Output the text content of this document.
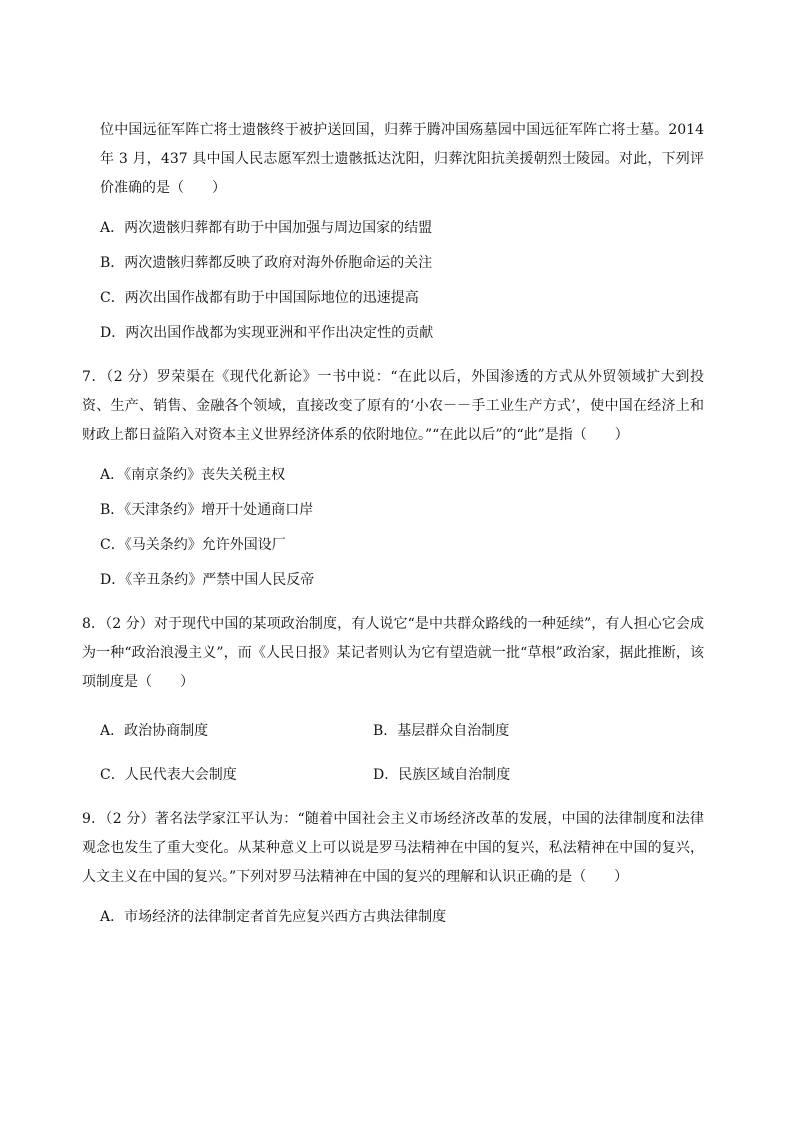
位中国远征军阵亡将士遗骸终于被护送回国，归葬于腾冲国殇墓园中国远征军阵亡将士墓。2014 年 3 月，437 具中国人民志愿军烈士遗骸抵达沈阳，归葬沈阳抗美援朝烈士陵园。对此，下列评价准确的是（　　）

A．两次遗骸归葬都有助于中国加强与周边国家的结盟

B．两次遗骸归葬都反映了政府对海外侨胞命运的关注

C．两次出国作战都有助于中国国际地位的迅速提高

D．两次出国作战都为实现亚洲和平作出决定性的贡献

7．（2 分）罗荣渠在《现代化新论》一书中说：“在此以后，外国渗透的方式从外贸领域扩大到投资、生产、销售、金融各个领域，直接改变了原有的‘小农－－手工业生产方式’，使中国在经济上和财政上都日益陷入对资本主义世界经济体系的依附地位。”“在此以后”的“此”是指（　　）

A．《南京条约》丧失关税主权

B．《天津条约》增开十处通商口岸

C．《马关条约》允许外国设厂

D．《辛丑条约》严禁中国人民反帝

8．（2 分）对于现代中国的某项政治制度，有人说它“是中共群众路线的一种延续”，有人担心它会成为一种“政治浪漫主义”，而《人民日报》某记者则认为它有望造就一批“草根”政治家，据此推断，该项制度是（　　）

A．政治协商制度	B．基层群众自治制度
C．人民代表大会制度	D．民族区域自治制度

9．（2 分）著名法学家江平认为：“随着中国社会主义市场经济改革的发展，中国的法律制度和法律观念也发生了重大变化。从某种意义上可以说是罗马法精神在中国的复兴，私法精神在中国的复兴，人文主义在中国的复兴。”下列对罗马法精神在中国的复兴的理解和认识正确的是（　　）

A．市场经济的法律制定者首先应复兴西方古典法律制度
